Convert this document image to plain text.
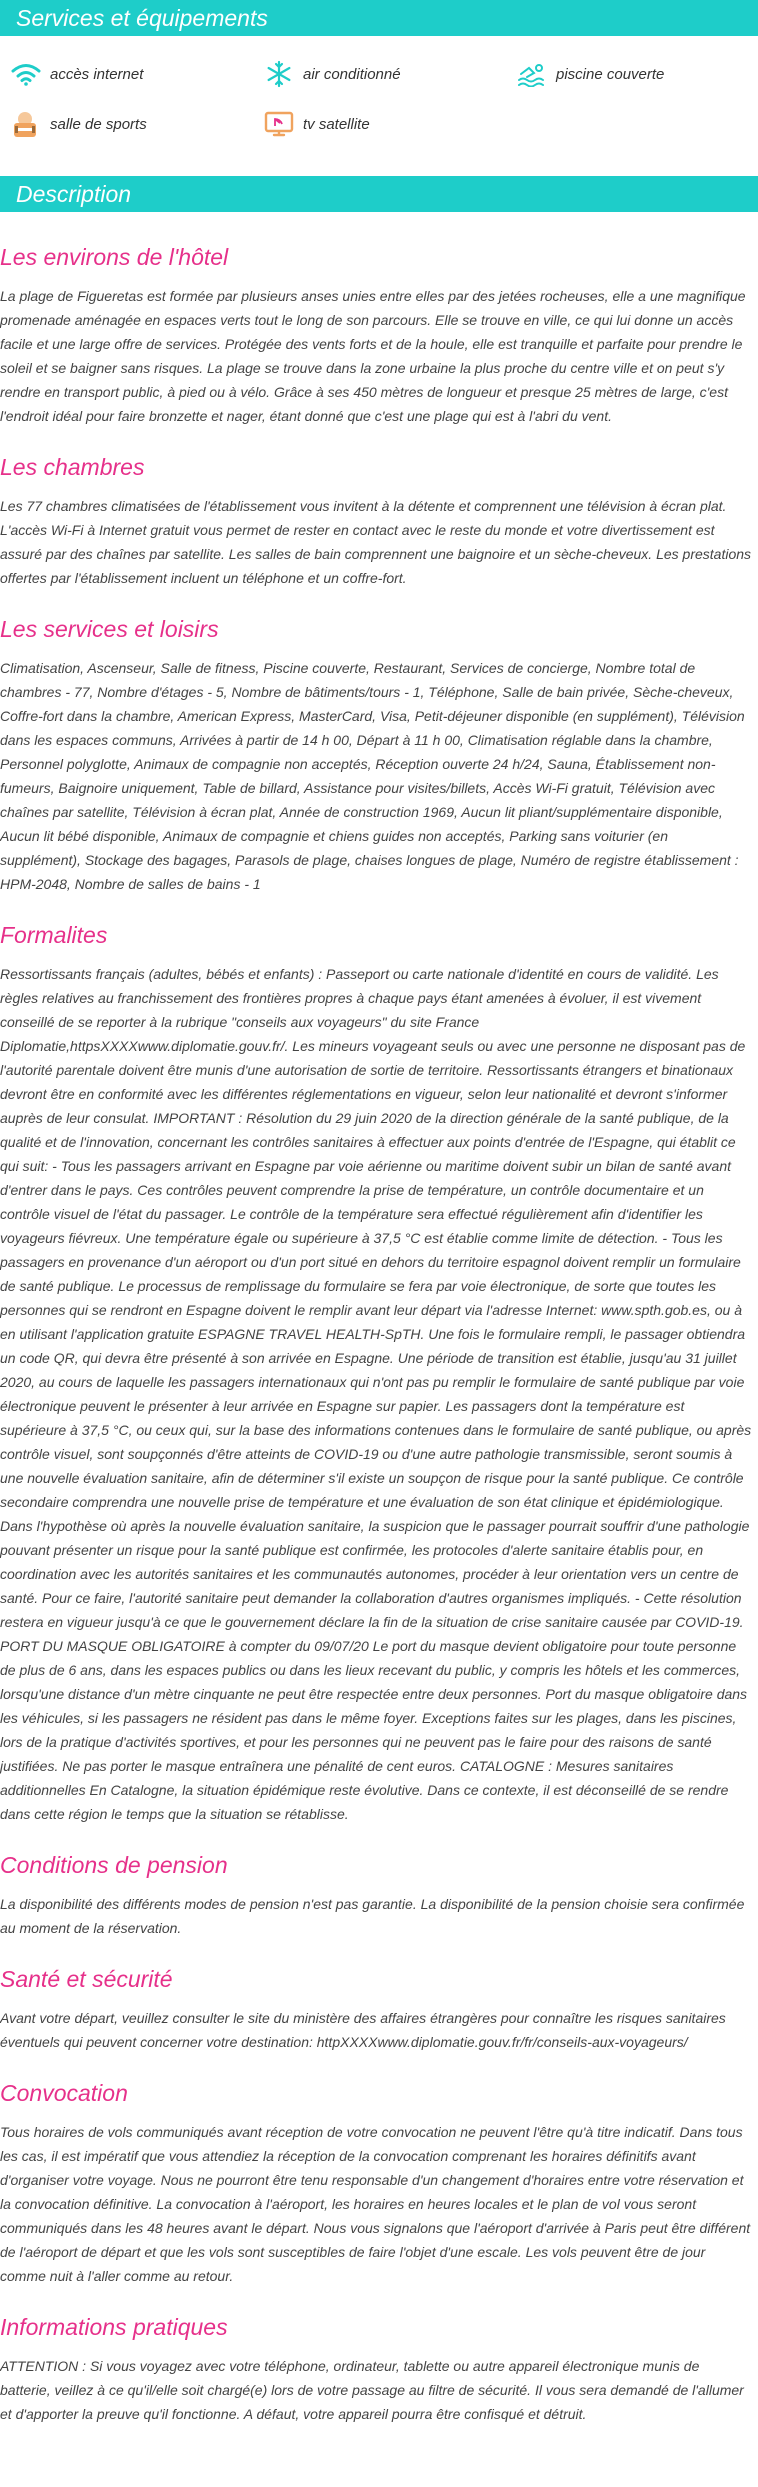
Services et équipements
accès internet	air conditionné	piscine couverte
salle de sports	tv satellite
Description
Les environs de l'hôtel

La plage de Figueretas est formée par plusieurs anses unies entre elles par des jetées rocheuses, elle a une magnifique promenade aménagée en espaces verts tout le long de son parcours. Elle se trouve en ville, ce qui lui donne un accès facile et une large offre de services. Protégée des vents forts et de la houle, elle est tranquille et parfaite pour prendre le soleil et se baigner sans risques. La plage se trouve dans la zone urbaine la plus proche du centre ville et on peut s'y rendre en transport public, à pied ou à vélo. Grâce à ses 450 mètres de longueur et presque 25 mètres de large, c'est l'endroit idéal pour faire bronzette et nager, étant donné que c'est une plage qui est à l'abri du vent.

Les chambres

Les 77 chambres climatisées de l'établissement vous invitent à la détente et comprennent une télévision à écran plat. L'accès Wi-Fi à Internet gratuit vous permet de rester en contact avec le reste du monde et votre divertissement est assuré par des chaînes par satellite. Les salles de bain comprennent une baignoire et un sèche-cheveux. Les prestations offertes par l'établissement incluent un téléphone et un coffre-fort.

Les services et loisirs

Climatisation, Ascenseur, Salle de fitness, Piscine couverte, Restaurant, Services de concierge, Nombre total de chambres - 77, Nombre d'étages - 5, Nombre de bâtiments/tours - 1, Téléphone, Salle de bain privée, Sèche-cheveux, Coffre-fort dans la chambre, American Express, MasterCard, Visa, Petit-déjeuner disponible (en supplément), Télévision dans les espaces communs, Arrivées à partir de 14 h 00, Départ à 11 h 00, Climatisation réglable dans la chambre, Personnel polyglotte, Animaux de compagnie non acceptés, Réception ouverte 24 h/24, Sauna, Établissement non-fumeurs, Baignoire uniquement, Table de billard, Assistance pour visites/billets, Accès Wi-Fi gratuit, Télévision avec chaînes par satellite, Télévision à écran plat, Année de construction 1969, Aucun lit pliant/supplémentaire disponible, Aucun lit bébé disponible, Animaux de compagnie et chiens guides non acceptés, Parking sans voiturier (en supplément), Stockage des bagages, Parasols de plage, chaises longues de plage, Numéro de registre établissement : HPM-2048, Nombre de salles de bains - 1

Formalites

Ressortissants français (adultes, bébés et enfants) : Passeport ou carte nationale d'identité en cours de validité. Les règles relatives au franchissement des frontières propres à chaque pays étant amenées à évoluer, il est vivement conseillé de se reporter à la rubrique "conseils aux voyageurs" du site France Diplomatie,httpsXXXXwww.diplomatie.gouv.fr/. Les mineurs voyageant seuls ou avec une personne ne disposant pas de l'autorité parentale doivent être munis d'une autorisation de sortie de territoire. Ressortissants étrangers et binationaux devront être en conformité avec les différentes réglementations en vigueur, selon leur nationalité et devront s'informer auprès de leur consulat. IMPORTANT : Résolution du 29 juin 2020 de la direction générale de la santé publique, de la qualité et de l'innovation, concernant les contrôles sanitaires à effectuer aux points d'entrée de l'Espagne, qui établit ce qui suit: - Tous les passagers arrivant en Espagne par voie aérienne ou maritime doivent subir un bilan de santé avant d'entrer dans le pays. Ces contrôles peuvent comprendre la prise de température, un contrôle documentaire et un contrôle visuel de l'état du passager. Le contrôle de la température sera effectué régulièrement afin d'identifier les voyageurs fiévreux. Une température égale ou supérieure à 37,5 °C est établie comme limite de détection. - Tous les passagers en provenance d'un aéroport ou d'un port situé en dehors du territoire espagnol doivent remplir un formulaire de santé publique. Le processus de remplissage du formulaire se fera par voie électronique, de sorte que toutes les personnes qui se rendront en Espagne doivent le remplir avant leur départ via l'adresse Internet: www.spth.gob.es, ou à en utilisant l'application gratuite ESPAGNE TRAVEL HEALTH-SpTH. Une fois le formulaire rempli, le passager obtiendra un code QR, qui devra être présenté à son arrivée en Espagne. Une période de transition est établie, jusqu'au 31 juillet 2020, au cours de laquelle les passagers internationaux qui n'ont pas pu remplir le formulaire de santé publique par voie électronique peuvent le présenter à leur arrivée en Espagne sur papier. Les passagers dont la température est supérieure à 37,5 °C, ou ceux qui, sur la base des informations contenues dans le formulaire de santé publique, ou après contrôle visuel, sont soupçonnés d'être atteints de COVID-19 ou d'une autre pathologie transmissible, seront soumis à une nouvelle évaluation sanitaire, afin de déterminer s'il existe un soupçon de risque pour la santé publique. Ce contrôle secondaire comprendra une nouvelle prise de température et une évaluation de son état clinique et épidémiologique. Dans l'hypothèse où après la nouvelle évaluation sanitaire, la suspicion que le passager pourrait souffrir d'une pathologie pouvant présenter un risque pour la santé publique est confirmée, les protocoles d'alerte sanitaire établis pour, en coordination avec les autorités sanitaires et les communautés autonomes, procéder à leur orientation vers un centre de santé. Pour ce faire, l'autorité sanitaire peut demander la collaboration d'autres organismes impliqués. - Cette résolution restera en vigueur jusqu'à ce que le gouvernement déclare la fin de la situation de crise sanitaire causée par COVID-19. PORT DU MASQUE OBLIGATOIRE à compter du 09/07/20 Le port du masque devient obligatoire pour toute personne de plus de 6 ans, dans les espaces publics ou dans les lieux recevant du public, y compris les hôtels et les commerces, lorsqu'une distance d'un mètre cinquante ne peut être respectée entre deux personnes. Port du masque obligatoire dans les véhicules, si les passagers ne résident pas dans le même foyer. Exceptions faites sur les plages, dans les piscines, lors de la pratique d'activités sportives, et pour les personnes qui ne peuvent pas le faire pour des raisons de santé justifiées. Ne pas porter le masque entraînera une pénalité de cent euros. CATALOGNE : Mesures sanitaires additionnelles En Catalogne, la situation épidémique reste évolutive. Dans ce contexte, il est déconseillé de se rendre dans cette région le temps que la situation se rétablisse.

Conditions de pension

La disponibilité des différents modes de pension n'est pas garantie. La disponibilité de la pension choisie sera confirmée au moment de la réservation.

Santé et sécurité

Avant votre départ, veuillez consulter le site du ministère des affaires étrangères pour connaître les risques sanitaires éventuels qui peuvent concerner votre destination: httpXXXXwww.diplomatie.gouv.fr/fr/conseils-aux-voyageurs/

Convocation

Tous horaires de vols communiqués avant réception de votre convocation ne peuvent l'être qu'à titre indicatif. Dans tous les cas, il est impératif que vous attendiez la réception de la convocation comprenant les horaires définitifs avant d'organiser votre voyage. Nous ne pourront être tenu responsable d'un changement d'horaires entre votre réservation et la convocation définitive. La convocation à l'aéroport, les horaires en heures locales et le plan de vol vous seront communiqués dans les 48 heures avant le départ. Nous vous signalons que l'aéroport d'arrivée à Paris peut être différent de l'aéroport de départ et que les vols sont susceptibles de faire l'objet d'une escale. Les vols peuvent être de jour comme nuit à l'aller comme au retour.

Informations pratiques

ATTENTION : Si vous voyagez avec votre téléphone, ordinateur, tablette ou autre appareil électronique munis de batterie, veillez à ce qu'il/elle soit chargé(e) lors de votre passage au filtre de sécurité. Il vous sera demandé de l'allumer et d'apporter la preuve qu'il fonctionne. A défaut, votre appareil pourra être confisqué et détruit.
